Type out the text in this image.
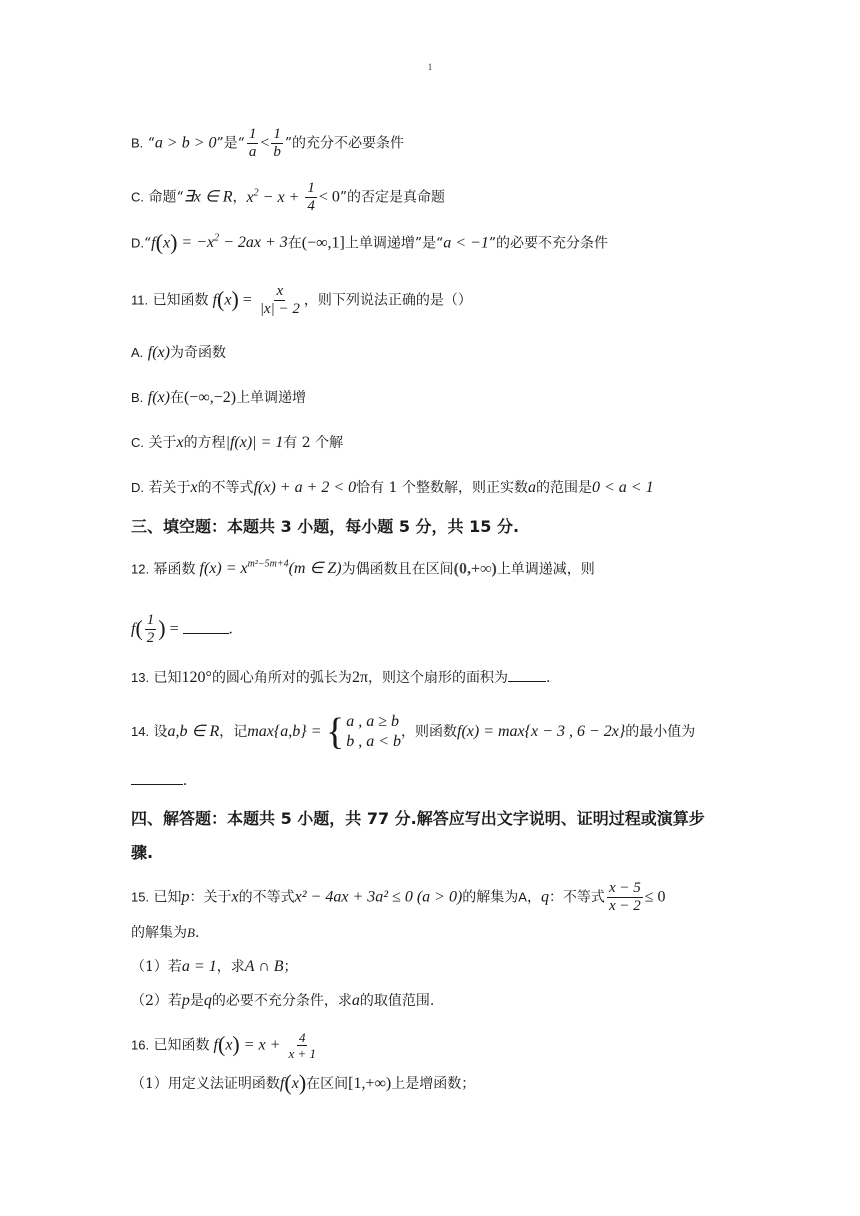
1
B. “a > b > 0”是“ $\frac{1}{a} < \frac{1}{b}$ ”的充分不必要条件
C. 命题“∃x ∈ R，$x^2 - x + \frac{1}{4} < 0$”的否定是真命题
D.“f(x) = $-x^2 - 2ax + 3$在(−∞,1]上单调递增”是“a < −1”的必要不充分条件
11. 已知函数 $f(x) = \frac{x}{|x| - 2}$ ，则下列说法正确的是（）
A. f(x)为奇函数
B. f(x)在(−∞,−2)上单调递增
C. 关于x的方程|f(x)| = 1有 2 个解
D. 若关于x的不等式f(x) + a + 2 < 0恰有 1 个整数解，则正实数a的范围是0 < a < 1
三、填空题：本题共 3 小题，每小题 5 分，共 15 分.
12. 幂函数 $f(x) = x^{m^2-5m+4}(m$ ∈ Z)为偶函数且在区间(0,+∞)上单调递减，则
$f( \frac{1}{2}$ ) =	.
13. 已知120°的圆心角所对的弧长为2π，则这个扇形的面积为	.
14. 设a,b ∈ R，记max{a,b} = { a , a ≥ b
b , a < b
，则函数f(x) = max{x − 3 , 6 − 2x}的最小值为
.
四、解答题：本题共 5 小题，共 77 分.解答应写出文字说明、证明过程或演算步
骤.
15. 已知p：关于x的不等式x² − 4ax + 3a² ≤ 0 (a > 0)的解集为A，q：不等式 $\frac{x - 5}{x - 2} \le 0$
的解集为B.
（1）若a = 1，求A ∩ B；
（2）若p是q的必要不充分条件，求a的取值范围.
16. 已知函数 $f(x) = x + \frac{4}{x + 1}$
（1）用定义法证明函数f(x)在区间[1,+∞)上是增函数；
